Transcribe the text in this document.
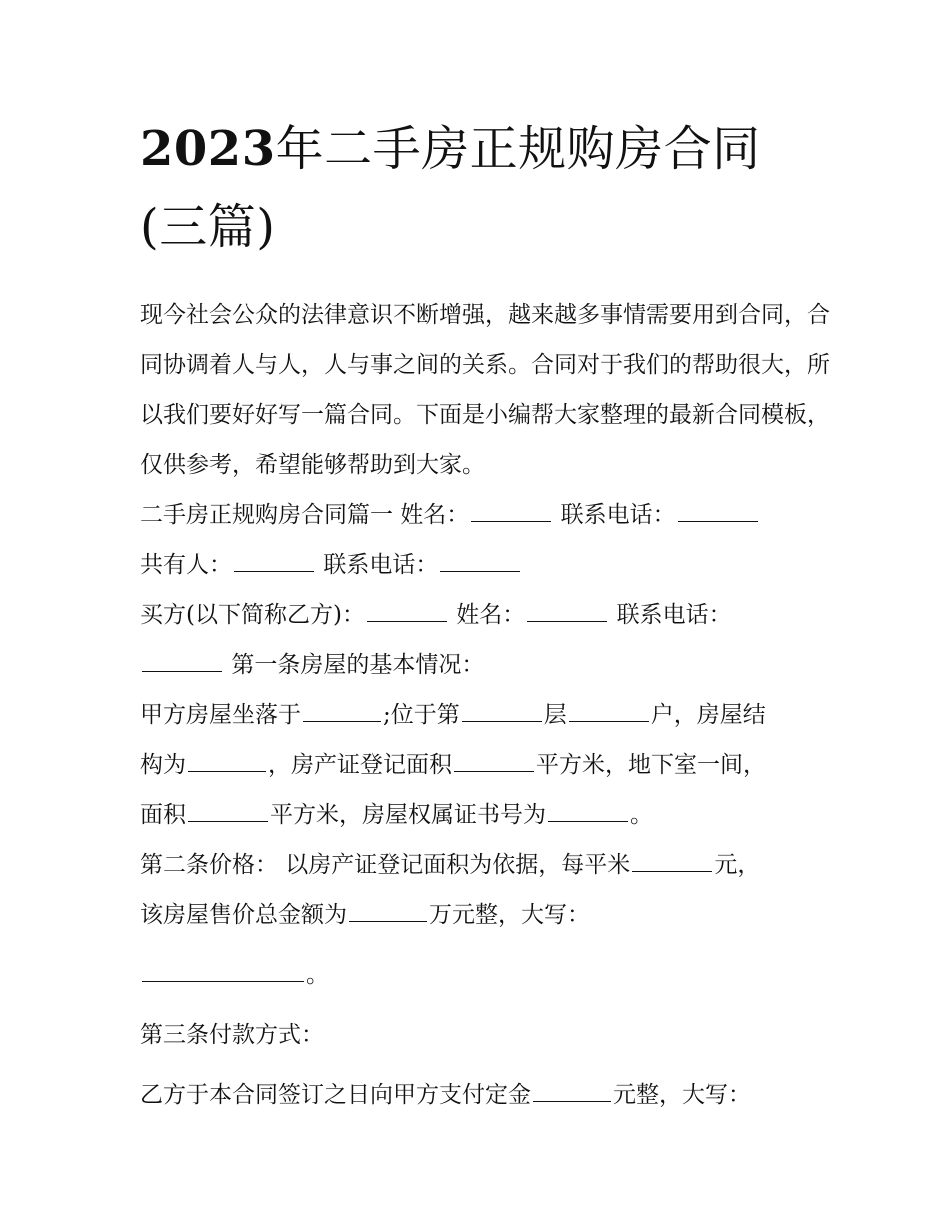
2023年二手房正规购房合同
(三篇)
现今社会公众的法律意识不断增强，越来越多事情需要用到合同，合同协调着人与人，人与事之间的关系。合同对于我们的帮助很大，所以我们要好好写一篇合同。下面是小编帮大家整理的最新合同模板，仅供参考，希望能够帮助到大家。
二手房正规购房合同篇一 姓名：	联系电话：
共有人：	联系电话：
买方(以下简称乙方)：	姓名：	联系电话：
第一条房屋的基本情况：
甲方房屋坐落于	;位于第	层	户，房屋结
构为	，房产证登记面积	平方米，地下室一间，
面积	平方米，房屋权属证书号为	。
第二条价格： 以房产证登记面积为依据，每平米	元，
该房屋售价总金额为	万元整，大写：
。
第三条付款方式：
乙方于本合同签订之日向甲方支付定金	元整，大写：
